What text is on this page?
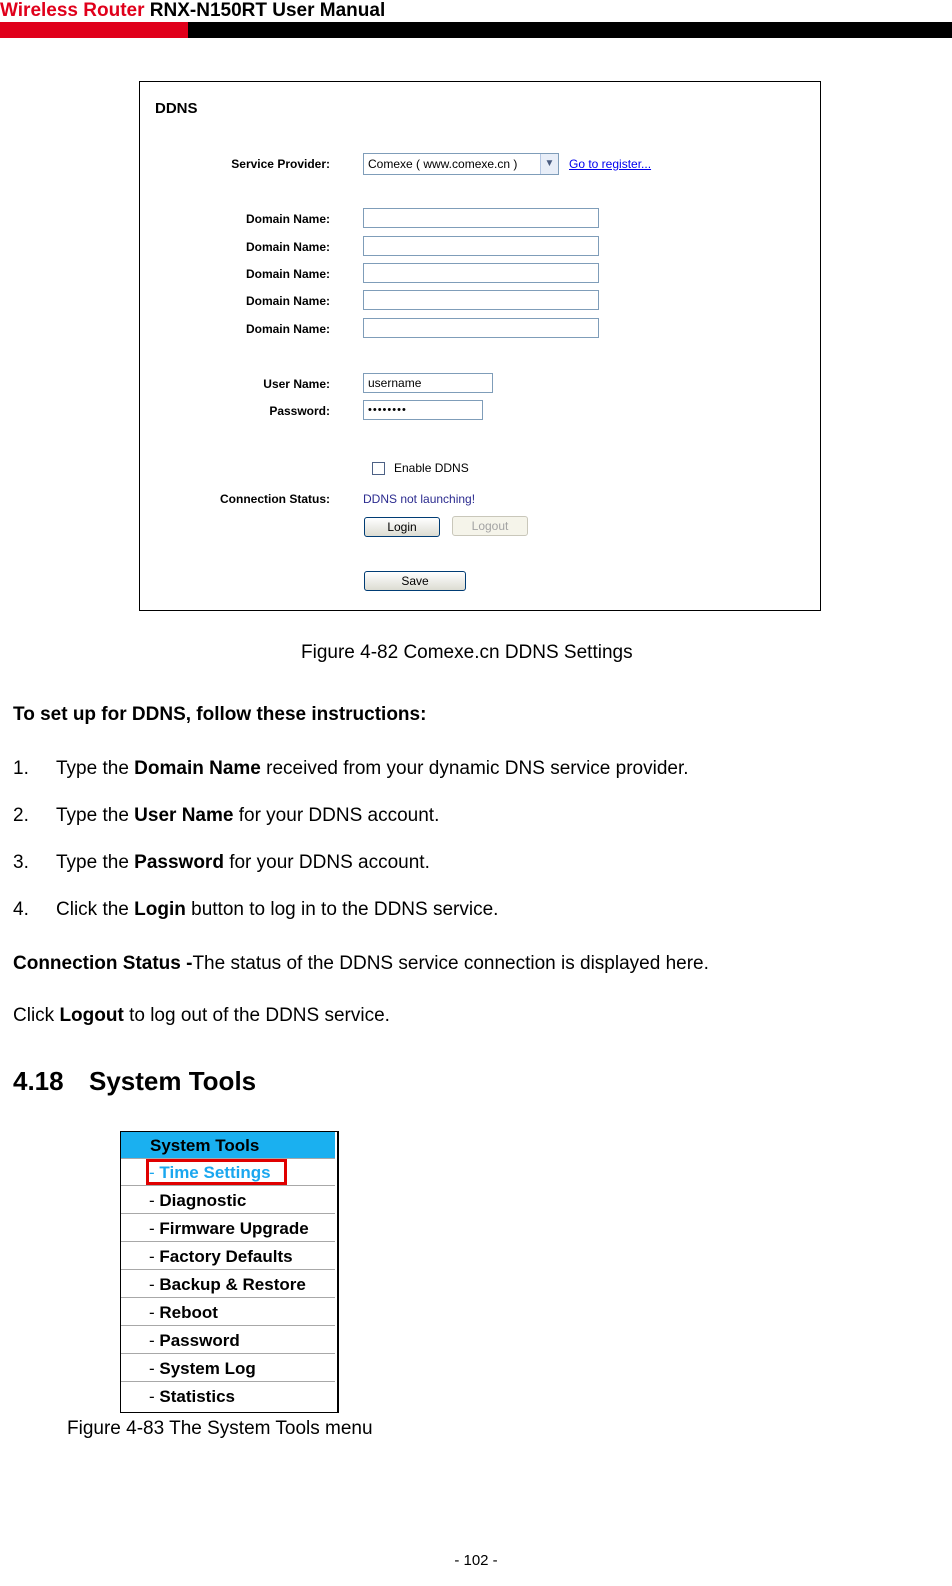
Wireless Router RNX-N150RT User Manual
DDNS
Service Provider:	Comexe ( www.comexe.cn )	▼ Go to register...
Domain Name:
Domain Name:
Domain Name:
Domain Name:
Domain Name:
User Name:	username
Password:	••••••••
Enable DDNS
Connection Status:	DDNS not launching!
Login	Logout
Save
Figure 4-82 Comexe.cn DDNS Settings
To set up for DDNS, follow these instructions:
1. Type the Domain Name received from your dynamic DNS service provider.
2. Type the User Name for your DDNS account.
3. Type the Password for your DDNS account.
4. Click the Login button to log in to the DDNS service.
Connection Status -The status of the DDNS service connection is displayed here.
Click Logout to log out of the DDNS service.
4.18 System Tools
System Tools
- Time Settings
- Diagnostic
- Firmware Upgrade
- Factory Defaults
- Backup & Restore
- Reboot
- Password
- System Log
- Statistics
Figure 4-83 The System Tools menu
- 102 -
